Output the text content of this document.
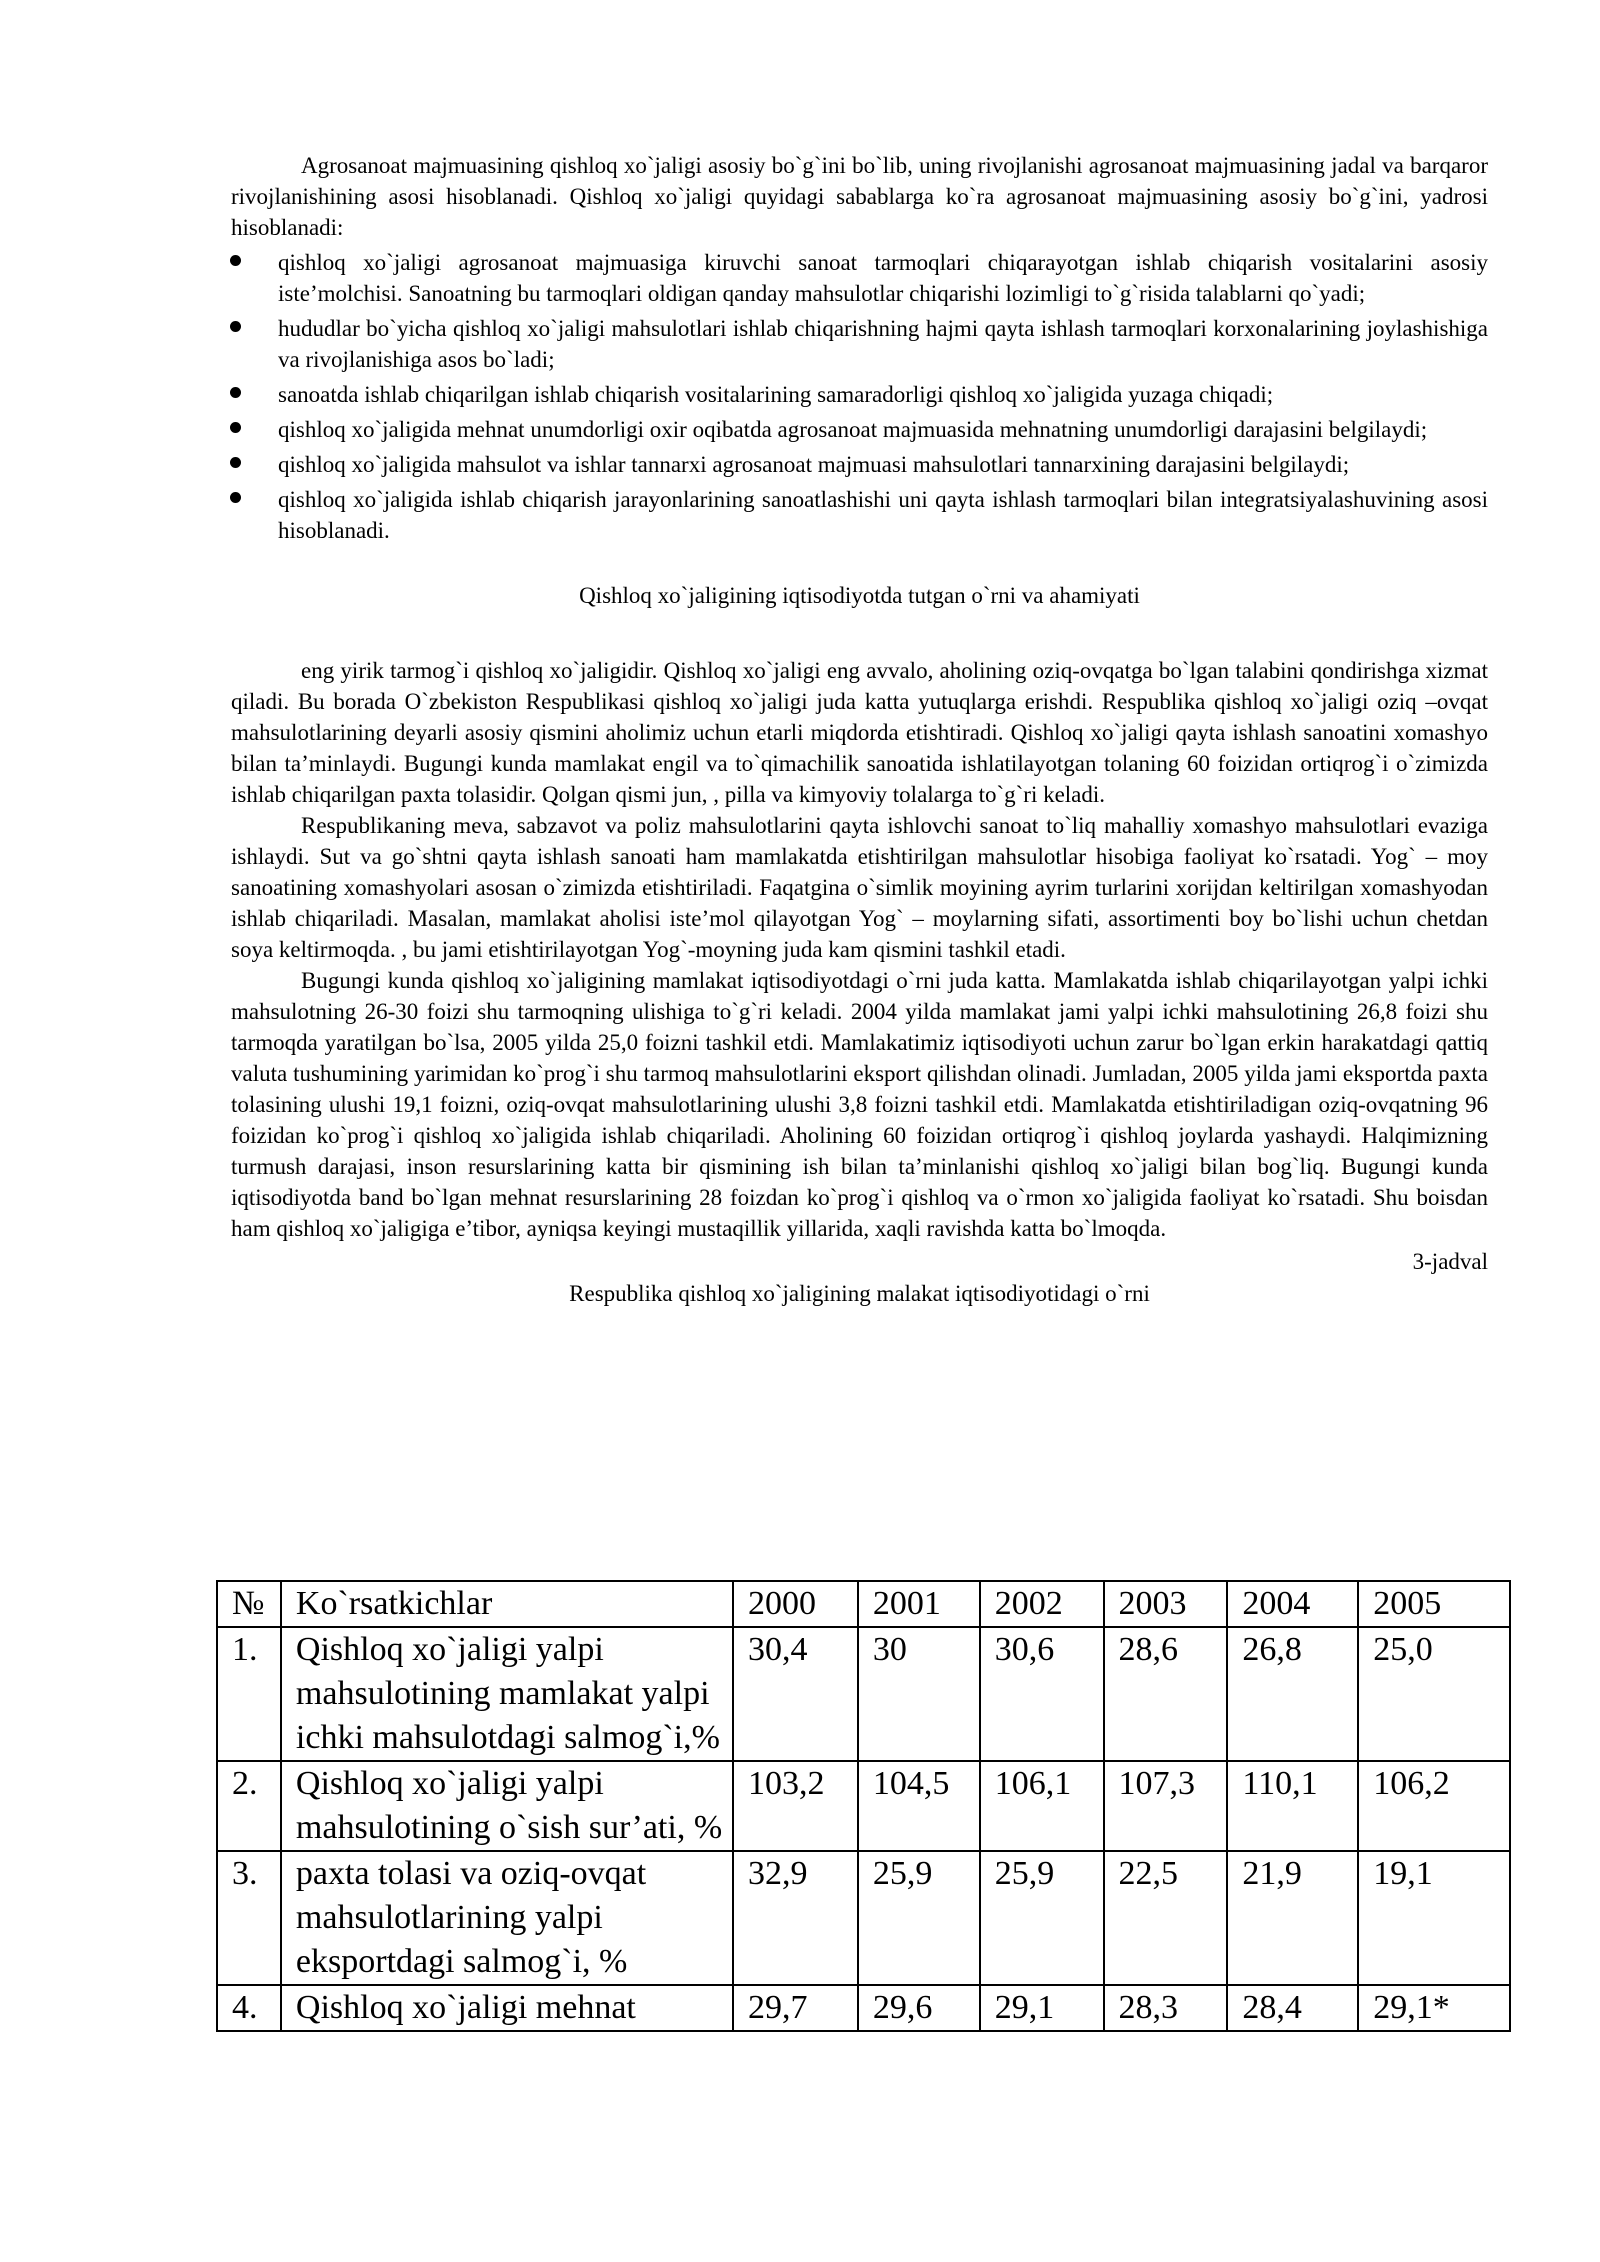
Agrosanoat majmuasining qishloq xo`jaligi asosiy bo`g`ini bo`lib, uning rivojlanishi agrosanoat majmuasining jadal va barqaror rivojlanishining asosi hisoblanadi. Qishloq xo`jaligi quyidagi sabablarga ko`ra agrosanoat majmuasining asosiy bo`g`ini, yadrosi hisoblanadi:

qishloq xo`jaligi agrosanoat majmuasiga kiruvchi sanoat tarmoqlari chiqarayotgan ishlab chiqarish vositalarini asosiy iste’molchisi. Sanoatning bu tarmoqlari oldigan qanday mahsulotlar chiqarishi lozimligi to`g`risida talablarni qo`yadi;
hududlar bo`yicha qishloq xo`jaligi mahsulotlari ishlab chiqarishning hajmi qayta ishlash tarmoqlari korxonalarining joylashishiga va rivojlanishiga asos bo`ladi;
sanoatda ishlab chiqarilgan ishlab chiqarish vositalarining samaradorligi qishloq xo`jaligida yuzaga chiqadi;
qishloq xo`jaligida mehnat unumdorligi oxir oqibatda agrosanoat majmuasida mehnatning unumdorligi darajasini belgilaydi;
qishloq xo`jaligida mahsulot va ishlar tannarxi agrosanoat majmuasi mahsulotlari tannarxining darajasini belgilaydi;
qishloq xo`jaligida ishlab chiqarish jarayonlarining sanoatlashishi uni qayta ishlash tarmoqlari bilan integratsiyalashuvining asosi hisoblanadi.

Qishloq xo`jaligining iqtisodiyotda tutgan o`rni va ahamiyati

eng yirik tarmog`i qishloq xo`jaligidir. Qishloq xo`jaligi eng avvalo, aholining oziq-ovqatga bo`lgan talabini qondirishga xizmat qiladi. Bu borada O`zbekiston Respublikasi qishloq xo`jaligi juda katta yutuqlarga erishdi. Respublika qishloq xo`jaligi oziq –ovqat mahsulotlarining deyarli asosiy qismini aholimiz uchun etarli miqdorda etishtiradi. Qishloq xo`jaligi qayta ishlash sanoatini xomashyo bilan ta’minlaydi. Bugungi kunda mamlakat engil va to`qimachilik sanoatida ishlatilayotgan tolaning 60 foizidan ortiqrog`i o`zimizda ishlab chiqarilgan paxta tolasidir. Qolgan qismi jun, , pilla va kimyoviy tolalarga to`g`ri keladi.

Respublikaning meva, sabzavot va poliz mahsulotlarini qayta ishlovchi sanoat to`liq mahalliy xomashyo mahsulotlari evaziga ishlaydi. Sut va go`shtni qayta ishlash sanoati ham mamlakatda etishtirilgan mahsulotlar hisobiga faoliyat ko`rsatadi. Yog` – moy sanoatining xomashyolari asosan o`zimizda etishtiriladi. Faqatgina o`simlik moyining ayrim turlarini xorijdan keltirilgan xomashyodan ishlab chiqariladi. Masalan, mamlakat aholisi iste’mol qilayotgan Yog` – moylarning sifati, assortimenti boy bo`lishi uchun chetdan soya keltirmoqda. , bu jami etishtirilayotgan Yog`-moyning juda kam qismini tashkil etadi.

Bugungi kunda qishloq xo`jaligining mamlakat iqtisodiyotdagi o`rni juda katta. Mamlakatda ishlab chiqarilayotgan yalpi ichki mahsulotning 26-30 foizi shu tarmoqning ulishiga to`g`ri keladi. 2004 yilda mamlakat jami yalpi ichki mahsulotining 26,8 foizi shu tarmoqda yaratilgan bo`lsa, 2005 yilda 25,0 foizni tashkil etdi. Mamlakatimiz iqtisodiyoti uchun zarur bo`lgan erkin harakatdagi qattiq valuta tushumining yarimidan ko`prog`i shu tarmoq mahsulotlarini eksport qilishdan olinadi. Jumladan, 2005 yilda jami eksportda paxta tolasining ulushi 19,1 foizni, oziq-ovqat mahsulotlarining ulushi 3,8 foizni tashkil etdi. Mamlakatda etishtiriladigan oziq-ovqatning 96 foizidan ko`prog`i qishloq xo`jaligida ishlab chiqariladi. Aholining 60 foizidan ortiqrog`i qishloq joylarda yashaydi. Halqimizning turmush darajasi, inson resurslarining katta bir qismining ish bilan ta’minlanishi qishloq xo`jaligi bilan bog`liq. Bugungi kunda iqtisodiyotda band bo`lgan mehnat resurslarining 28 foizdan ko`prog`i qishloq va o`rmon xo`jaligida faoliyat ko`rsatadi. Shu boisdan ham qishloq xo`jaligiga e’tibor, ayniqsa keyingi mustaqillik yillarida, xaqli ravishda katta bo`lmoqda.

3-jadval

Respublika qishloq xo`jaligining malakat iqtisodiyotidagi o`rni

№	Ko`rsatkichlar	2000	2001	2002	2003	2004	2005
1.	Qishloq xo`jaligi yalpi mahsulotining mamlakat yalpi ichki mahsulotdagi salmog`i,%	30,4	30	30,6	28,6	26,8	25,0
2.	Qishloq xo`jaligi yalpi mahsulotining o`sish sur’ati, %	103,2	104,5	106,1	107,3	110,1	106,2
3.	paxta tolasi va oziq-ovqat mahsulotlarining yalpi eksportdagi salmog`i, %	32,9	25,9	25,9	22,5	21,9	19,1
4.	Qishloq xo`jaligi mehnat	29,7	29,6	29,1	28,3	28,4	29,1*
